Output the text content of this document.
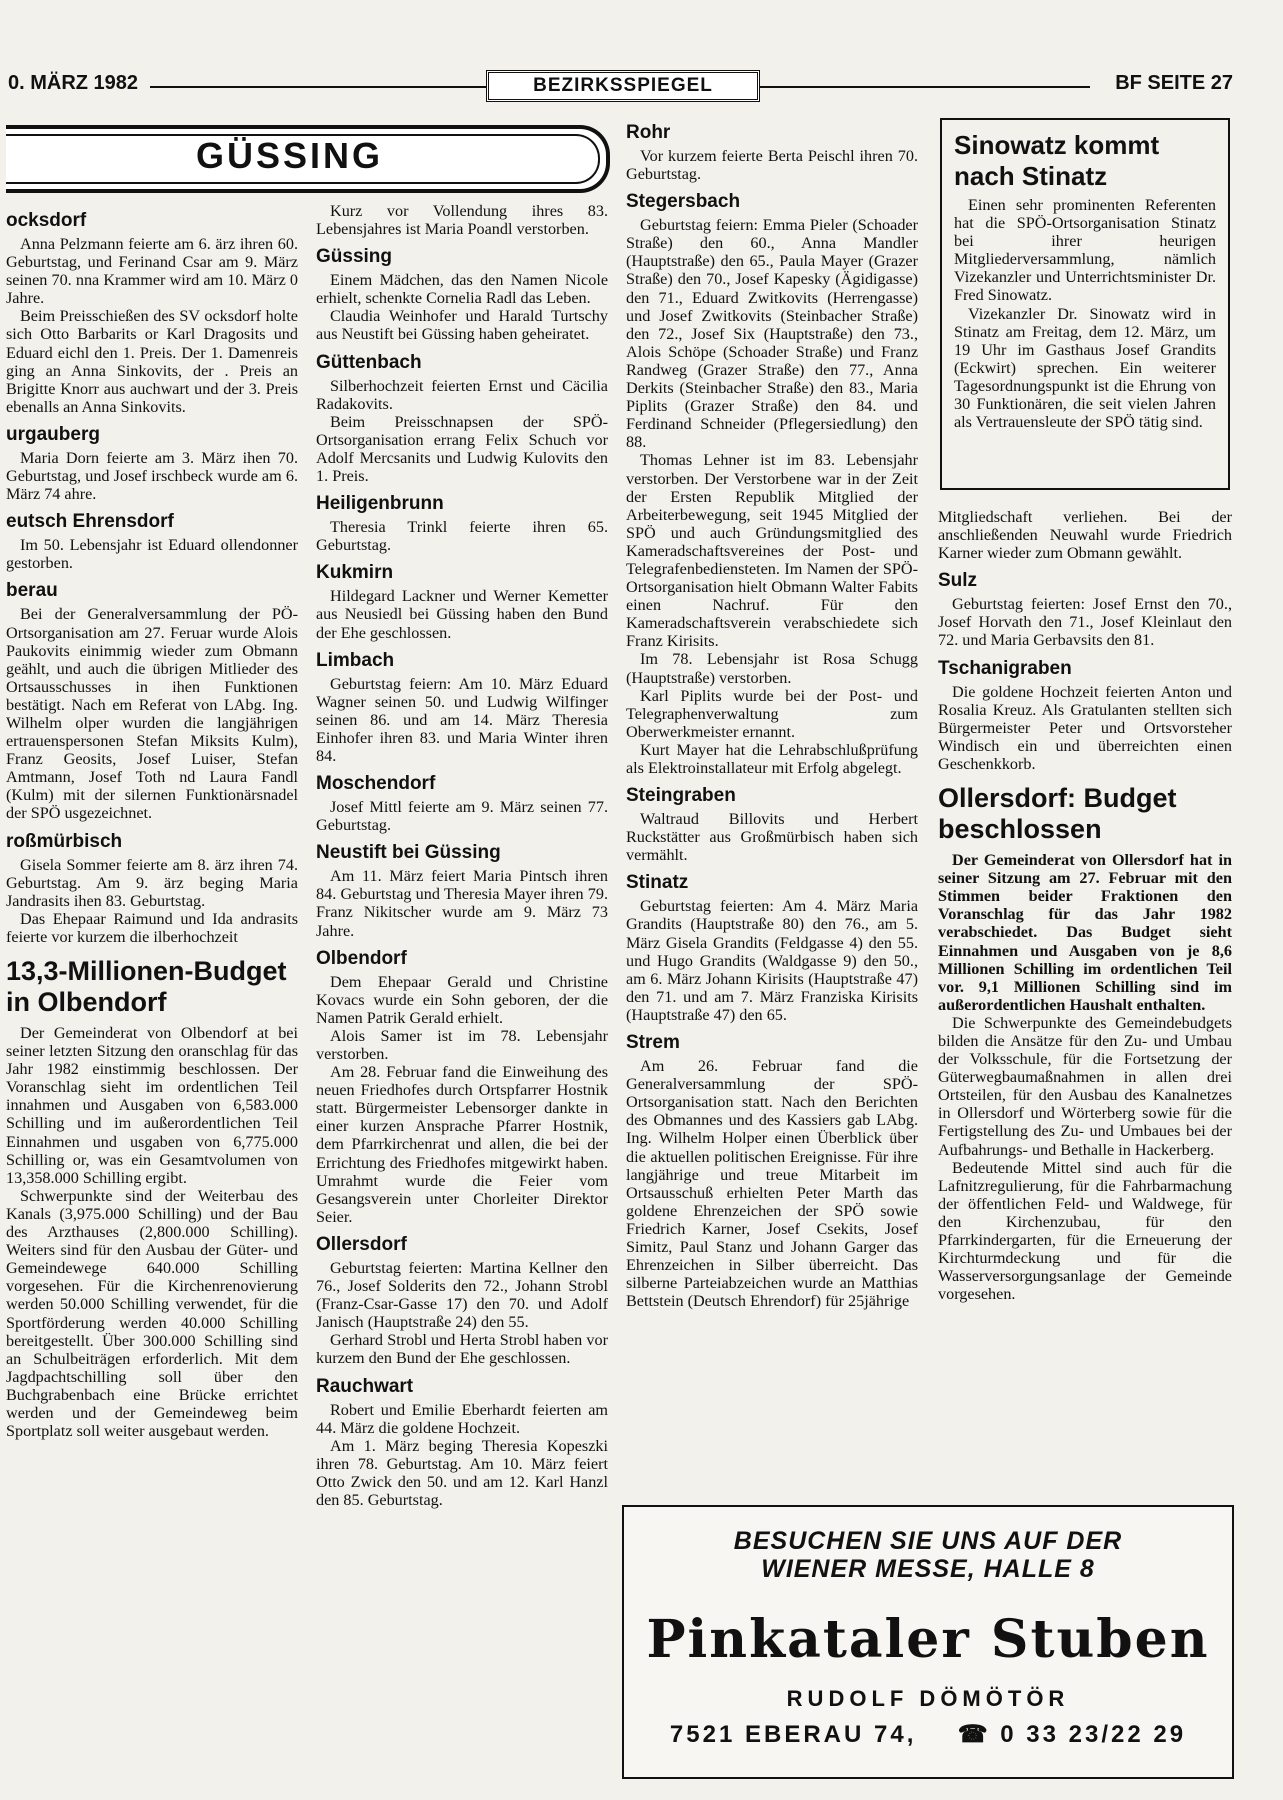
0. MÄRZ 1982	BEZIRKSSPIEGEL	BF SEITE 27
GÜSSING
ocksdorf

Anna Pelzmann feierte am 6. ärz ihren 60. Geburtstag, und Ferinand Csar am 9. März seinen 70. nna Krammer wird am 10. März 0 Jahre.

Beim Preisschießen des SV ocksdorf holte sich Otto Barbarits or Karl Dragosits und Eduard eichl den 1. Preis. Der 1. Damenreis ging an Anna Sinkovits, der . Preis an Brigitte Knorr aus auchwart und der 3. Preis ebenalls an Anna Sinkovits.

urgauberg

Maria Dorn feierte am 3. März ihen 70. Geburtstag, und Josef irschbeck wurde am 6. März 74 ahre.

eutsch Ehrensdorf

Im 50. Lebensjahr ist Eduard ollendonner gestorben.

berau

Bei der Generalversammlung der PÖ-Ortsorganisation am 27. Feruar wurde Alois Paukovits einimmig wieder zum Obmann geählt, und auch die übrigen Mitlieder des Ortsausschusses in ihen Funktionen bestätigt. Nach em Referat von LAbg. Ing. Wilhelm olper wurden die langjährigen ertrauenspersonen Stefan Miksits Kulm), Franz Geosits, Josef Luiser, Stefan Amtmann, Josef Toth nd Laura Fandl (Kulm) mit der silernen Funktionärsnadel der SPÖ usgezeichnet.

roßmürbisch

Gisela Sommer feierte am 8. ärz ihren 74. Geburtstag. Am 9. ärz beging Maria Jandrasits ihen 83. Geburtstag.

Das Ehepaar Raimund und Ida andrasits feierte vor kurzem die ilberhochzeit

13,3-Millionen-Budget in Olbendorf

Der Gemeinderat von Olbendorf at bei seiner letzten Sitzung den oranschlag für das Jahr 1982 einstimmig beschlossen. Der Voranschlag sieht im ordentlichen Teil innahmen und Ausgaben von 6,583.000 Schilling und im außerordentlichen Teil Einnahmen und usgaben von 6,775.000 Schilling or, was ein Gesamtvolumen von 13,358.000 Schilling ergibt.

Schwerpunkte sind der Weiterbau des Kanals (3,975.000 Schilling) und der Bau des Arzthauses (2,800.000 Schilling). Weiters sind für den Ausbau der Güter- und Gemeindewege 640.000 Schilling vorgesehen. Für die Kirchenrenovierung werden 50.000 Schilling verwendet, für die Sportförderung werden 40.000 Schilling bereitgestellt. Über 300.000 Schilling sind an Schulbeiträgen erforderlich. Mit dem Jagdpachtschilling soll über den Buchgrabenbach eine Brücke errichtet werden und der Gemeindeweg beim Sportplatz soll weiter ausgebaut werden.

Kurz vor Vollendung ihres 83. Lebensjahres ist Maria Poandl verstorben.

Güssing

Einem Mädchen, das den Namen Nicole erhielt, schenkte Cornelia Radl das Leben.

Claudia Weinhofer und Harald Turtschy aus Neustift bei Güssing haben geheiratet.

Güttenbach

Silberhochzeit feierten Ernst und Cäcilia Radakovits.

Beim Preisschnapsen der SPÖ-Ortsorganisation errang Felix Schuch vor Adolf Mercsanits und Ludwig Kulovits den 1. Preis.

Heiligenbrunn

Theresia Trinkl feierte ihren 65. Geburtstag.

Kukmirn

Hildegard Lackner und Werner Kemetter aus Neusiedl bei Güssing haben den Bund der Ehe geschlossen.

Limbach

Geburtstag feiern: Am 10. März Eduard Wagner seinen 50. und Ludwig Wilfinger seinen 86. und am 14. März Theresia Einhofer ihren 83. und Maria Winter ihren 84.

Moschendorf

Josef Mittl feierte am 9. März seinen 77. Geburtstag.

Neustift bei Güssing

Am 11. März feiert Maria Pintsch ihren 84. Geburtstag und Theresia Mayer ihren 79. Franz Nikitscher wurde am 9. März 73 Jahre.

Olbendorf

Dem Ehepaar Gerald und Christine Kovacs wurde ein Sohn geboren, der die Namen Patrik Gerald erhielt.

Alois Samer ist im 78. Lebensjahr verstorben.

Am 28. Februar fand die Einweihung des neuen Friedhofes durch Ortspfarrer Hostnik statt. Bürgermeister Lebensorger dankte in einer kurzen Ansprache Pfarrer Hostnik, dem Pfarrkirchenrat und allen, die bei der Errichtung des Friedhofes mitgewirkt haben. Umrahmt wurde die Feier vom Gesangsverein unter Chorleiter Direktor Seier.

Ollersdorf

Geburtstag feierten: Martina Kellner den 76., Josef Solderits den 72., Johann Strobl (Franz-Csar-Gasse 17) den 70. und Adolf Janisch (Hauptstraße 24) den 55.

Gerhard Strobl und Herta Strobl haben vor kurzem den Bund der Ehe geschlossen.

Rauchwart

Robert und Emilie Eberhardt feierten am 44. März die goldene Hochzeit.

Am 1. März beging Theresia Kopeszki ihren 78. Geburtstag. Am 10. März feiert Otto Zwick den 50. und am 12. Karl Hanzl den 85. Geburtstag.

Rohr

Vor kurzem feierte Berta Peischl ihren 70. Geburtstag.

Stegersbach

Geburtstag feiern: Emma Pieler (Schoader Straße) den 60., Anna Mandler (Hauptstraße) den 65., Paula Mayer (Grazer Straße) den 70., Josef Kapesky (Ägidigasse) den 71., Eduard Zwitkovits (Herrengasse) und Josef Zwitkovits (Steinbacher Straße) den 72., Josef Six (Hauptstraße) den 73., Alois Schöpe (Schoader Straße) und Franz Randweg (Grazer Straße) den 77., Anna Derkits (Steinbacher Straße) den 83., Maria Piplits (Grazer Straße) den 84. und Ferdinand Schneider (Pflegersiedlung) den 88.

Thomas Lehner ist im 83. Lebensjahr verstorben. Der Verstorbene war in der Zeit der Ersten Republik Mitglied der Arbeiterbewegung, seit 1945 Mitglied der SPÖ und auch Gründungsmitglied des Kameradschaftsvereines der Post- und Telegrafenbediensteten. Im Namen der SPÖ-Ortsorganisation hielt Obmann Walter Fabits einen Nachruf. Für den Kameradschaftsverein verabschiedete sich Franz Kirisits.

Im 78. Lebensjahr ist Rosa Schugg (Hauptstraße) verstorben.

Karl Piplits wurde bei der Post- und Telegraphenverwaltung zum Oberwerkmeister ernannt.

Kurt Mayer hat die Lehrabschlußprüfung als Elektroinstallateur mit Erfolg abgelegt.

Steingraben

Waltraud Billovits und Herbert Ruckstätter aus Großmürbisch haben sich vermählt.

Stinatz

Geburtstag feierten: Am 4. März Maria Grandits (Hauptstraße 80) den 76., am 5. März Gisela Grandits (Feldgasse 4) den 55. und Hugo Grandits (Waldgasse 9) den 50., am 6. März Johann Kirisits (Hauptstraße 47) den 71. und am 7. März Franziska Kirisits (Hauptstraße 47) den 65.

Strem

Am 26. Februar fand die Generalversammlung der SPÖ-Ortsorganisation statt. Nach den Berichten des Obmannes und des Kassiers gab LAbg. Ing. Wilhelm Holper einen Überblick über die aktuellen politischen Ereignisse. Für ihre langjährige und treue Mitarbeit im Ortsausschuß erhielten Peter Marth das goldene Ehrenzeichen der SPÖ sowie Friedrich Karner, Josef Csekits, Josef Simitz, Paul Stanz und Johann Garger das Ehrenzeichen in Silber überreicht. Das silberne Parteiabzeichen wurde an Matthias Bettstein (Deutsch Ehrendorf) für 25jährige

Sinowatz kommt nach Stinatz

Einen sehr prominenten Referenten hat die SPÖ-Ortsorganisation Stinatz bei ihrer heurigen Mitgliederversammlung, nämlich Vizekanzler und Unterrichtsminister Dr. Fred Sinowatz.

Vizekanzler Dr. Sinowatz wird in Stinatz am Freitag, dem 12. März, um 19 Uhr im Gasthaus Josef Grandits (Eckwirt) sprechen. Ein weiterer Tagesordnungspunkt ist die Ehrung von 30 Funktionären, die seit vielen Jahren als Vertrauensleute der SPÖ tätig sind.

Mitgliedschaft verliehen. Bei der anschließenden Neuwahl wurde Friedrich Karner wieder zum Obmann gewählt.

Sulz

Geburtstag feierten: Josef Ernst den 70., Josef Horvath den 71., Josef Kleinlaut den 72. und Maria Gerbavsits den 81.

Tschanigraben

Die goldene Hochzeit feierten Anton und Rosalia Kreuz. Als Gratulanten stellten sich Bürgermeister Peter und Ortsvorsteher Windisch ein und überreichten einen Geschenkkorb.

Ollersdorf: Budget beschlossen

Der Gemeinderat von Ollersdorf hat in seiner Sitzung am 27. Februar mit den Stimmen beider Fraktionen den Voranschlag für das Jahr 1982 verabschiedet. Das Budget sieht Einnahmen und Ausgaben von je 8,6 Millionen Schilling im ordentlichen Teil vor. 9,1 Millionen Schilling sind im außerordentlichen Haushalt enthalten.

Die Schwerpunkte des Gemeindebudgets bilden die Ansätze für den Zu- und Umbau der Volksschule, für die Fortsetzung der Güterwegbaumaßnahmen in allen drei Ortsteilen, für den Ausbau des Kanalnetzes in Ollersdorf und Wörterberg sowie für die Fertigstellung des Zu- und Umbaues bei der Aufbahrungs- und Bethalle in Hackerberg.

Bedeutende Mittel sind auch für die Lafnitzregulierung, für die Fahrbarmachung der öffentlichen Feld- und Waldwege, für den Kirchenzubau, für den Pfarrkindergarten, für die Erneuerung der Kirchturmdeckung und für die Wasserversorgungsanlage der Gemeinde vorgesehen.

BESUCHEN SIE UNS AUF DER
WIENER MESSE, HALLE 8
Pinkataler Stuben
RUDOLF DÖMÖTÖR
7521 EBERAU 74, ☎ 0 33 23/22 29
